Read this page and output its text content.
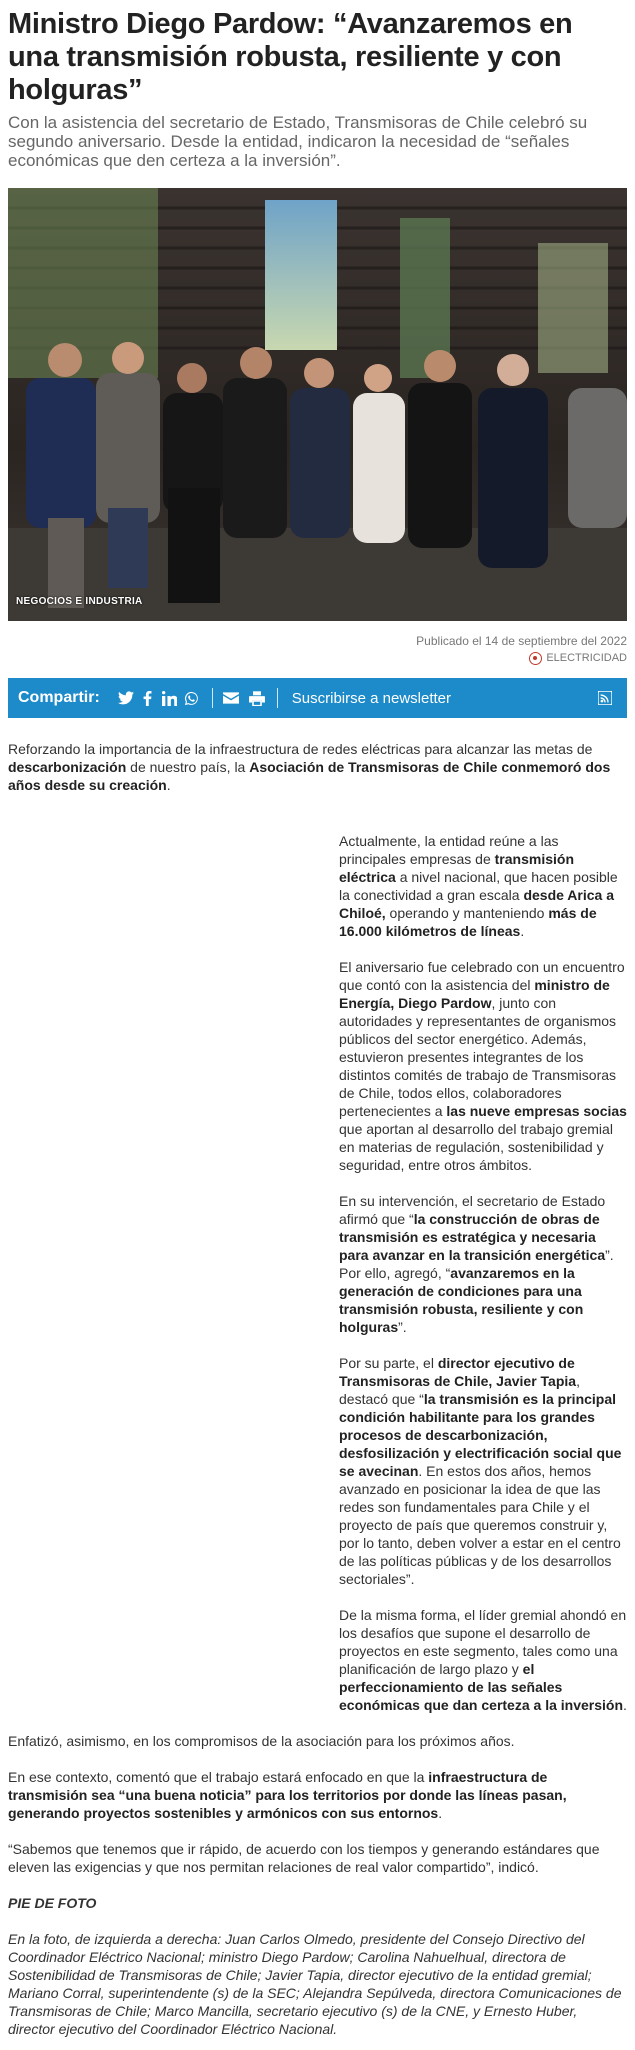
Ministro Diego Pardow: “Avanzaremos en una transmisión robusta, resiliente y con holguras”

Con la asistencia del secretario de Estado, Transmisoras de Chile celebró su segundo aniversario. Desde la entidad, indicaron la necesidad de “señales económicas que den certeza a la inversión”.

NEGOCIOS E INDUSTRIA
Publicado el 14 de septiembre del 2022
ELECTRICIDAD
Compartir:	Suscribirse a newsletter

Reforzando la importancia de la infraestructura de redes eléctricas para alcanzar las metas de descarbonización de nuestro país, la Asociación de Transmisoras de Chile conmemoró dos años desde su creación.

Actualmente, la entidad reúne a las principales empresas de transmisión eléctrica a nivel nacional, que hacen posible la conectividad a gran escala desde Arica a Chiloé, operando y manteniendo más de 16.000 kilómetros de líneas.

El aniversario fue celebrado con un encuentro que contó con la asistencia del ministro de Energía, Diego Pardow, junto con autoridades y representantes de organismos públicos del sector energético. Además, estuvieron presentes integrantes de los distintos comités de trabajo de Transmisoras de Chile, todos ellos, colaboradores pertenecientes a las nueve empresas socias que aportan al desarrollo del trabajo gremial en materias de regulación, sostenibilidad y seguridad, entre otros ámbitos.

En su intervención, el secretario de Estado afirmó que “la construcción de obras de transmisión es estratégica y necesaria para avanzar en la transición energética”. Por ello, agregó, “avanzaremos en la generación de condiciones para una transmisión robusta, resiliente y con holguras”.

Por su parte, el director ejecutivo de Transmisoras de Chile, Javier Tapia, destacó que “la transmisión es la principal condición habilitante para los grandes procesos de descarbonización, desfosilización y electrificación social que se avecinan. En estos dos años, hemos avanzado en posicionar la idea de que las redes son fundamentales para Chile y el proyecto de país que queremos construir y, por lo tanto, deben volver a estar en el centro de las políticas públicas y de los desarrollos sectoriales”.

De la misma forma, el líder gremial ahondó en los desafíos que supone el desarrollo de proyectos en este segmento, tales como una planificación de largo plazo y el perfeccionamiento de las señales económicas que dan certeza a la inversión.

Enfatizó, asimismo, en los compromisos de la asociación para los próximos años.

En ese contexto, comentó que el trabajo estará enfocado en que la infraestructura de transmisión sea “una buena noticia” para los territorios por donde las líneas pasan, generando proyectos sostenibles y armónicos con sus entornos.

“Sabemos que tenemos que ir rápido, de acuerdo con los tiempos y generando estándares que eleven las exigencias y que nos permitan relaciones de real valor compartido”, indicó.

PIE DE FOTO

En la foto, de izquierda a derecha: Juan Carlos Olmedo, presidente del Consejo Directivo del Coordinador Eléctrico Nacional; ministro Diego Pardow; Carolina Nahuelhual, directora de Sostenibilidad de Transmisoras de Chile; Javier Tapia, director ejecutivo de la entidad gremial; Mariano Corral, superintendente (s) de la SEC; Alejandra Sepúlveda, directora Comunicaciones de Transmisoras de Chile; Marco Mancilla, secretario ejecutivo (s) de la CNE, y Ernesto Huber, director ejecutivo del Coordinador Eléctrico Nacional.
